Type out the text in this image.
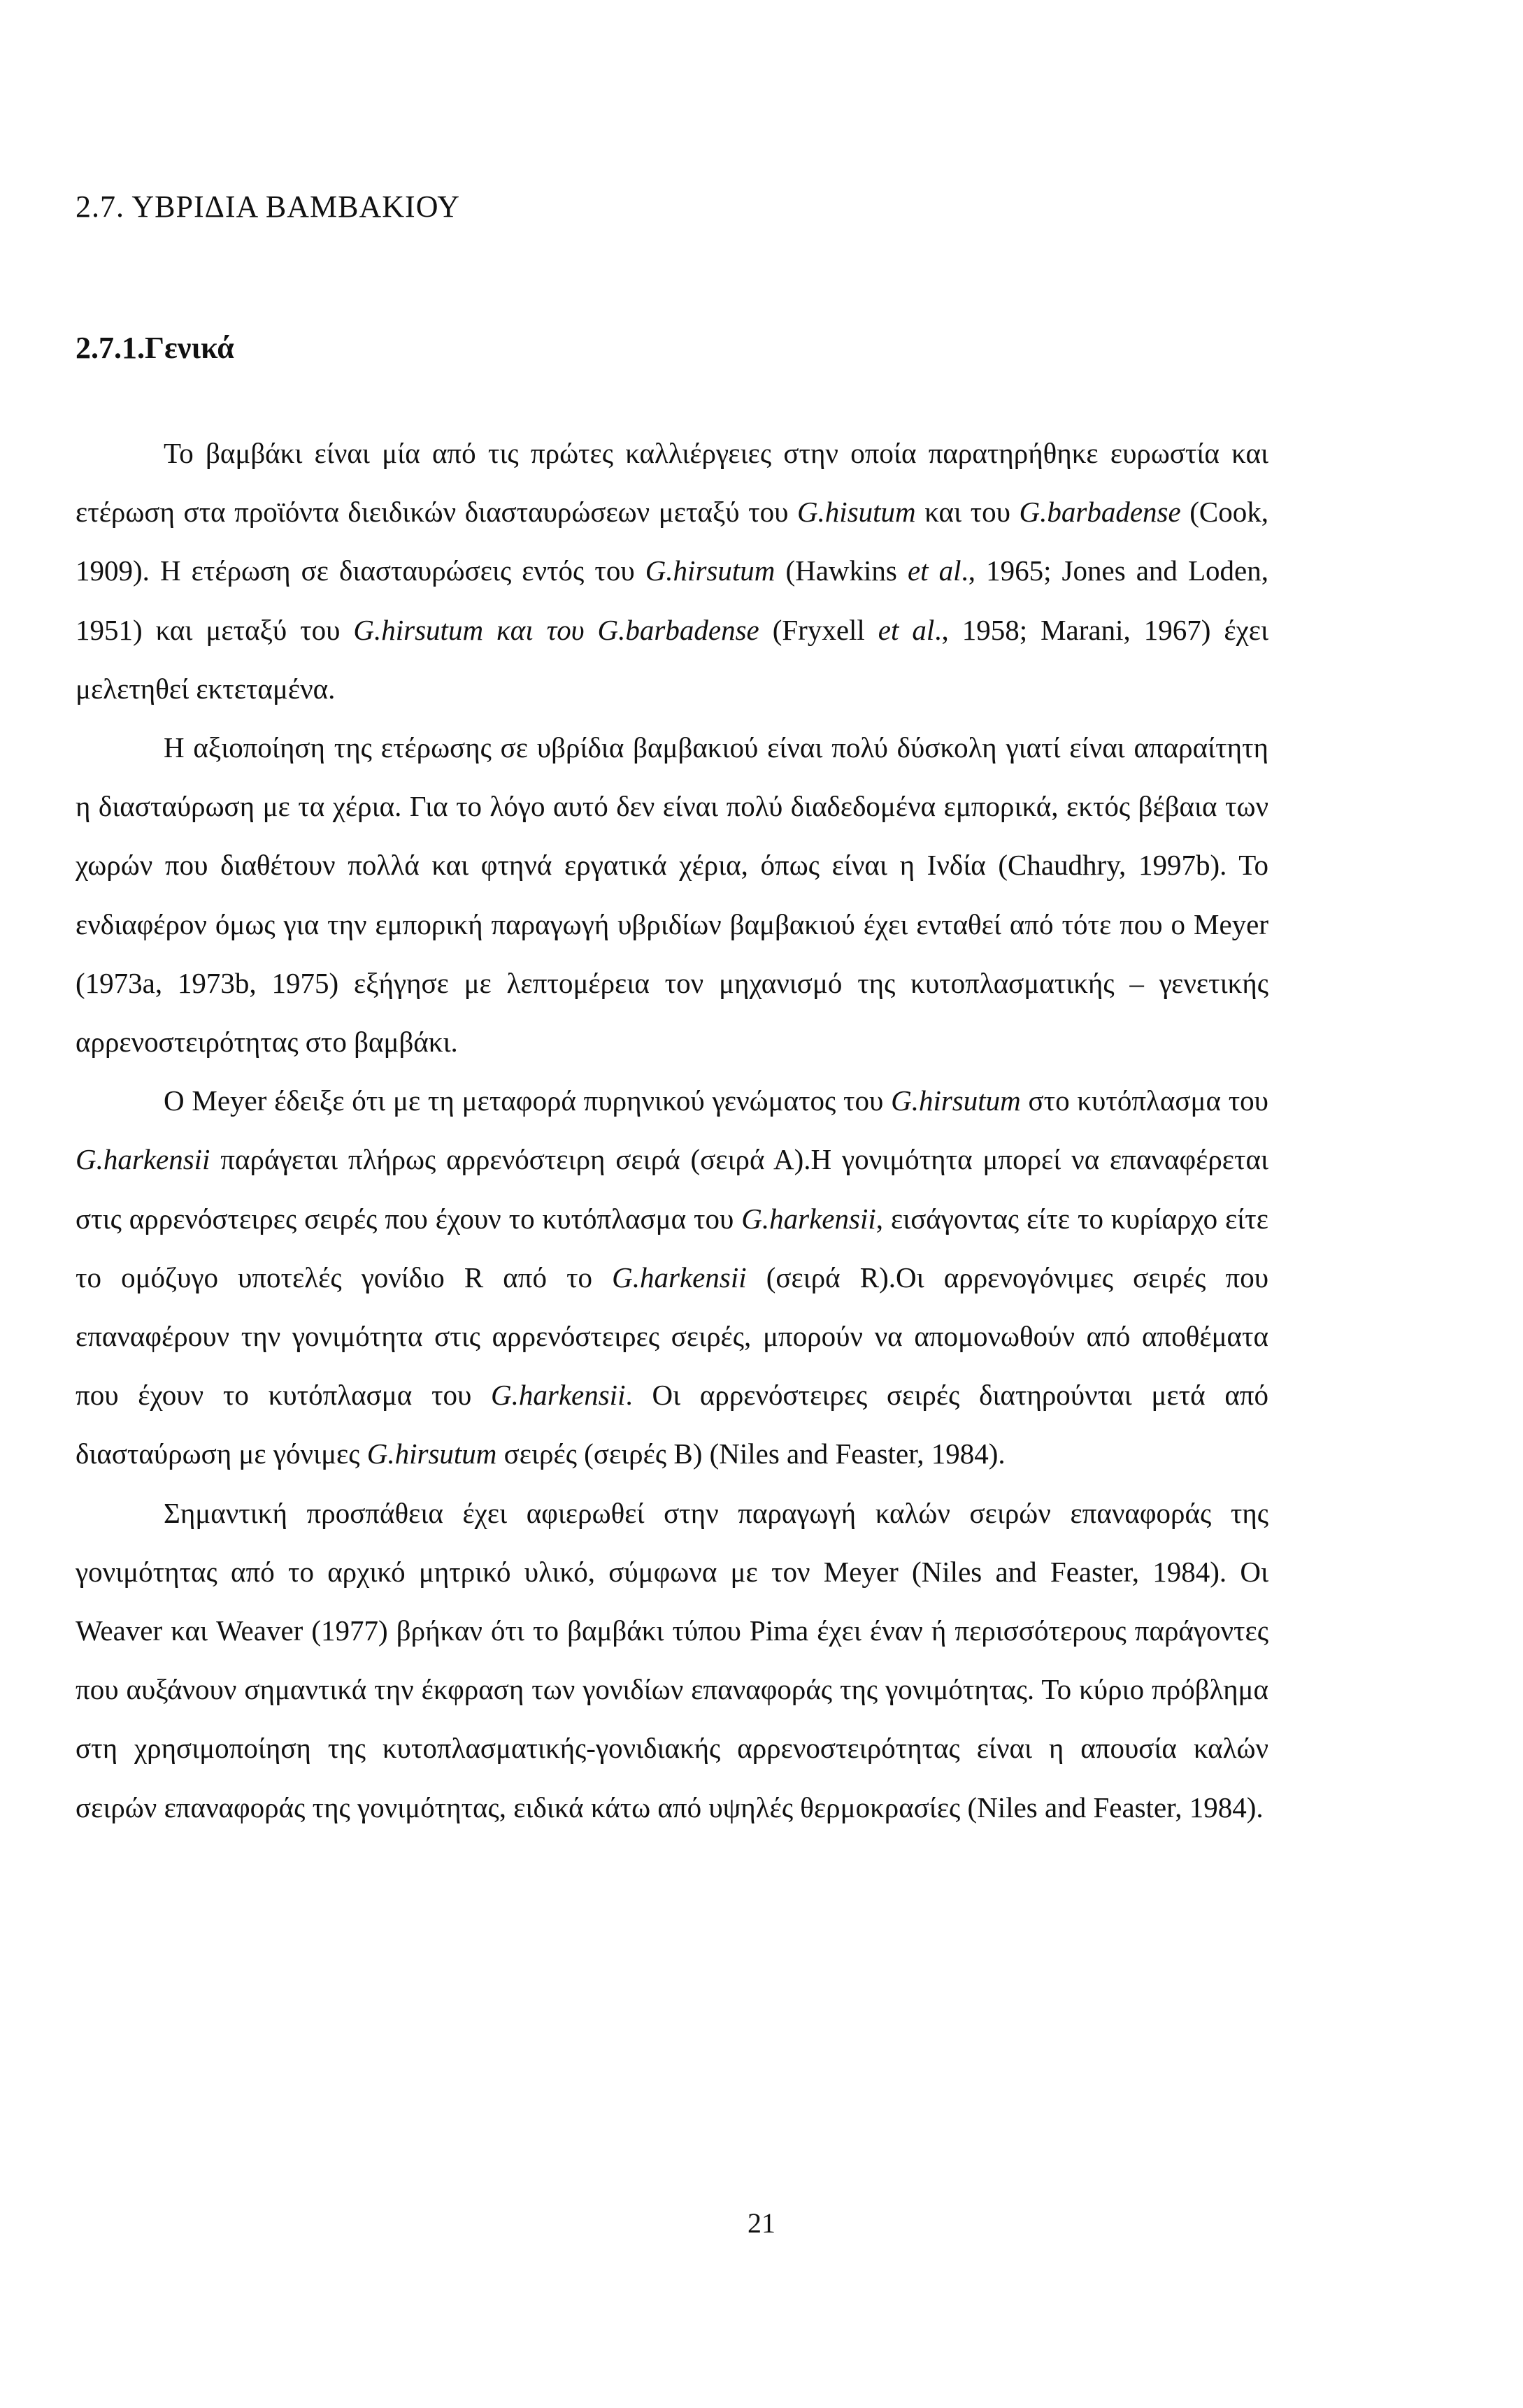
2.7. ΥΒΡΙΔΙΑ ΒΑΜΒΑΚΙΟΥ
2.7.1.Γενικά

Το βαμβάκι είναι μία από τις πρώτες καλλιέργειες στην οποία παρατηρήθηκε ευρωστία και ετέρωση στα προϊόντα διειδικών διασταυρώσεων μεταξύ του G.hisutum και του G.barbadense (Cook, 1909). Η ετέρωση σε διασταυρώσεις εντός του G.hirsutum (Hawkins et al., 1965; Jones and Loden, 1951) και μεταξύ του G.hirsutum και του G.barbadense (Fryxell et al., 1958; Marani, 1967) έχει μελετηθεί εκτεταμένα.

Η αξιοποίηση της ετέρωσης σε υβρίδια βαμβακιού είναι πολύ δύσκολη γιατί είναι απαραίτητη η διασταύρωση με τα χέρια. Για το λόγο αυτό δεν είναι πολύ διαδεδομένα εμπορικά, εκτός βέβαια των χωρών που διαθέτουν πολλά και φτηνά εργατικά χέρια, όπως είναι η Ινδία (Chaudhry, 1997b). Το ενδιαφέρον όμως για την εμπορική παραγωγή υβριδίων βαμβακιού έχει ενταθεί από τότε που ο Meyer (1973a, 1973b, 1975) εξήγησε με λεπτομέρεια τον μηχανισμό της κυτοπλασματικής – γενετικής αρρενοστειρότητας στο βαμβάκι.

Ο Meyer έδειξε ότι με τη μεταφορά πυρηνικού γενώματος του G.hirsutum στο κυτόπλασμα του G.harkensii παράγεται πλήρως αρρενόστειρη σειρά (σειρά Α).Η γονιμότητα μπορεί να επαναφέρεται στις αρρενόστειρες σειρές που έχουν το κυτόπλασμα του G.harkensii, εισάγοντας είτε το κυρίαρχο είτε το ομόζυγο υποτελές γονίδιο R από το G.harkensii (σειρά R).Οι αρρενογόνιμες σειρές που επαναφέρουν την γονιμότητα στις αρρενόστειρες σειρές, μπορούν να απομονωθούν από αποθέματα που έχουν το κυτόπλασμα του G.harkensii. Οι αρρενόστειρες σειρές διατηρούνται μετά από διασταύρωση με γόνιμες G.hirsutum σειρές (σειρές Β) (Niles and Feaster, 1984).

Σημαντική προσπάθεια έχει αφιερωθεί στην παραγωγή καλών σειρών επαναφοράς της γονιμότητας από το αρχικό μητρικό υλικό, σύμφωνα με τον Meyer (Niles and Feaster, 1984). Οι Weaver και Weaver (1977) βρήκαν ότι το βαμβάκι τύπου Pima έχει έναν ή περισσότερους παράγοντες που αυξάνουν σημαντικά την έκφραση των γονιδίων επαναφοράς της γονιμότητας. Το κύριο πρόβλημα στη χρησιμοποίηση της κυτοπλασματικής-γονιδιακής αρρενοστειρότητας είναι η απουσία καλών σειρών επαναφοράς της γονιμότητας, ειδικά κάτω από υψηλές θερμοκρασίες (Niles and Feaster, 1984).

21
